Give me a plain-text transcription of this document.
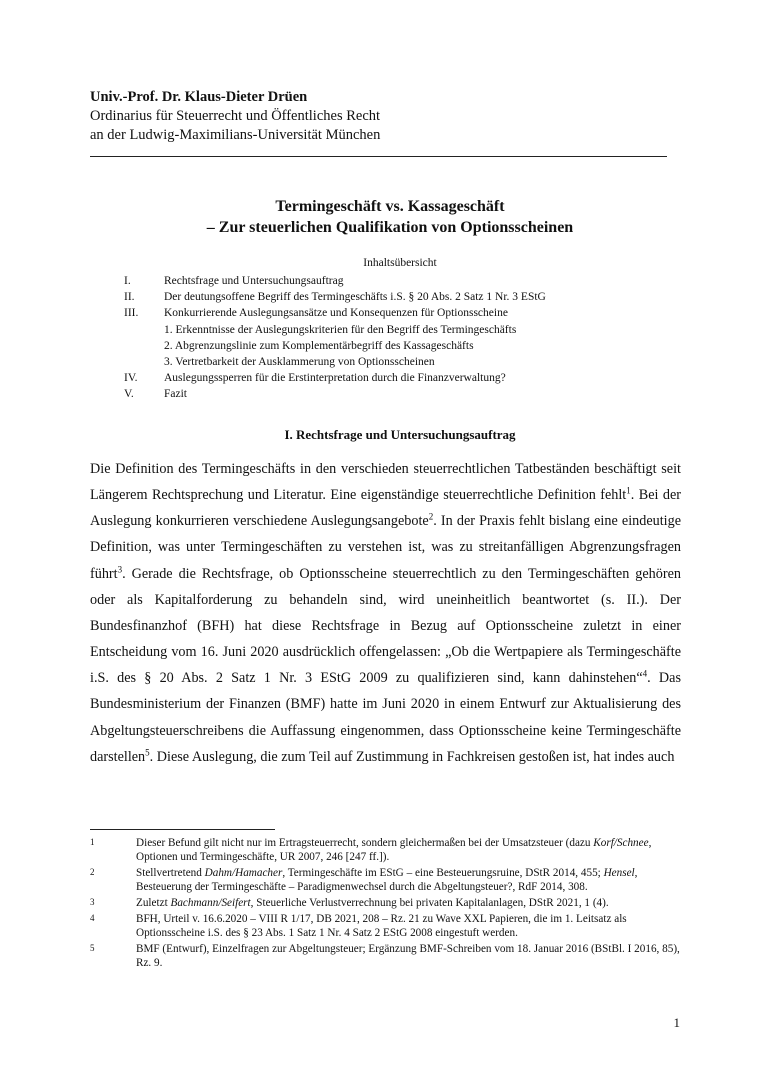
Univ.-Prof. Dr. Klaus-Dieter Drüen
Ordinarius für Steuerrecht und Öffentliches Recht
an der Ludwig-Maximilians-Universität München
Termingeschäft vs. Kassageschäft
– Zur steuerlichen Qualifikation von Optionsscheinen
Inhaltsübersicht
I.	Rechtsfrage und Untersuchungsauftrag
II.	Der deutungsoffene Begriff des Termingeschäfts i.S. § 20 Abs. 2 Satz 1 Nr. 3 EStG
III.	Konkurrierende Auslegungsansätze und Konsequenzen für Optionsscheine
1. Erkenntnisse der Auslegungskriterien für den Begriff des Termingeschäfts
2. Abgrenzungslinie zum Komplementärbegriff des Kassageschäfts
3. Vertretbarkeit der Ausklammerung von Optionsscheinen
IV.	Auslegungssperren für die Erstinterpretation durch die Finanzverwaltung?
V.	Fazit
I. Rechtsfrage und Untersuchungsauftrag
Die Definition des Termingeschäfts in den verschieden steuerrechtlichen Tatbeständen beschäftigt seit Längerem Rechtsprechung und Literatur. Eine eigenständige steuerrechtliche Definition fehlt$^1$. Bei der Auslegung konkurrieren verschiedene Auslegungsangebote$^2$. In der Praxis fehlt bislang eine eindeutige Definition, was unter Termingeschäften zu verstehen ist, was zu streitanfälligen Abgrenzungsfragen führt$^3$. Gerade die Rechtsfrage, ob Optionsscheine steuerrechtlich zu den Termingeschäften gehören oder als Kapitalforderung zu behandeln sind, wird uneinheitlich beantwortet (s. II.). Der Bundesfinanzhof (BFH) hat diese Rechtsfrage in Bezug auf Optionsscheine zuletzt in einer Entscheidung vom 16. Juni 2020 ausdrücklich offengelassen: „Ob die Wertpapiere als Termingeschäfte i.S. des § 20 Abs. 2 Satz 1 Nr. 3 EStG 2009 zu qualifizieren sind, kann dahinstehen“$^4$. Das Bundesministerium der Finanzen (BMF) hatte im Juni 2020 in einem Entwurf zur Aktualisierung des Abgeltungsteuerschreibens die Auffassung eingenommen, dass Optionsscheine keine Termingeschäfte darstellen$^5$. Diese Auslegung, die zum Teil auf Zustimmung in Fachkreisen gestoßen ist, hat indes auch
1	Dieser Befund gilt nicht nur im Ertragsteuerrecht, sondern gleichermaßen bei der Umsatzsteuer (dazu Korf/Schnee, Optionen und Termingeschäfte, UR 2007, 246 [247 ff.]).
2	Stellvertretend Dahm/Hamacher, Termingeschäfte im EStG – eine Besteuerungsruine, DStR 2014, 455; Hensel, Besteuerung der Termingeschäfte – Paradigmenwechsel durch die Abgeltungsteuer?, RdF 2014, 308.
3	Zuletzt Bachmann/Seifert, Steuerliche Verlustverrechnung bei privaten Kapitalanlagen, DStR 2021, 1 (4).
4	BFH, Urteil v. 16.6.2020 – VIII R 1/17, DB 2021, 208 – Rz. 21 zu Wave XXL Papieren, die im 1. Leitsatz als Optionsscheine i.S. des § 23 Abs. 1 Satz 1 Nr. 4 Satz 2 EStG 2008 eingestuft werden.
5	BMF (Entwurf), Einzelfragen zur Abgeltungsteuer; Ergänzung BMF-Schreiben vom 18. Januar 2016 (BStBl. I 2016, 85), Rz. 9.
1
